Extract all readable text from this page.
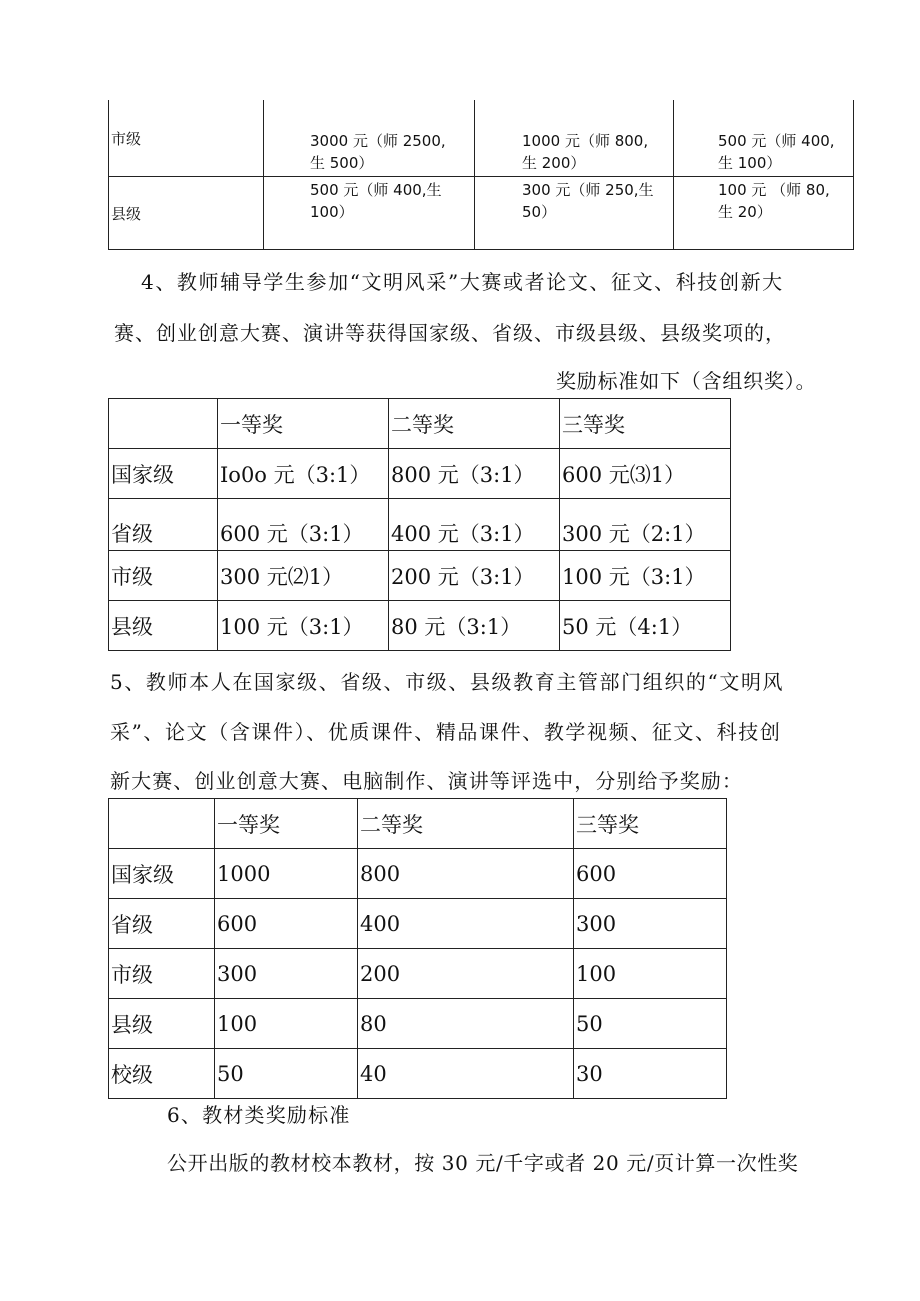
市级	3000 元（师 2500,生 500）	1000 元（师 800, 生 200）	500 元（师 400, 生 100）

县级	500 元（师 400,生 100）	300 元（师 250,生 50）	100 元 （师 80,生 20）
4、教师辅导学生参加“文明风采”大赛或者论文、征文、科技创新大
赛、创业创意大赛、演讲等获得国家级、省级、市级县级、县级奖项的，
奖励标准如下（含组织奖）。
	一等奖	二等奖	三等奖
国家级	Io0o 元（3:1）	800 元（3:1）	600 元⑶1）
省级	600 元（3:1）	400 元（3:1）	300 元（2:1）
市级	300 元⑵1）	200 元（3:1）	100 元（3:1）
县级	100 元（3:1）	80 元（3:1）	50 元（4:1）
5、教师本人在国家级、省级、市级、县级教育主管部门组织的“文明风
采”、论文（含课件）、优质课件、精品课件、教学视频、征文、科技创
新大赛、创业创意大赛、电脑制作、演讲等评选中，分别给予奖励：
	一等奖	二等奖	三等奖
国家级	1000	800	600
省级	600	400	300
市级	300	200	100
县级	100	80	50
校级	50	40	30
6、教材类奖励标准
公开出版的教材校本教材，按 30 元/千字或者 20 元/页计算一次性奖
